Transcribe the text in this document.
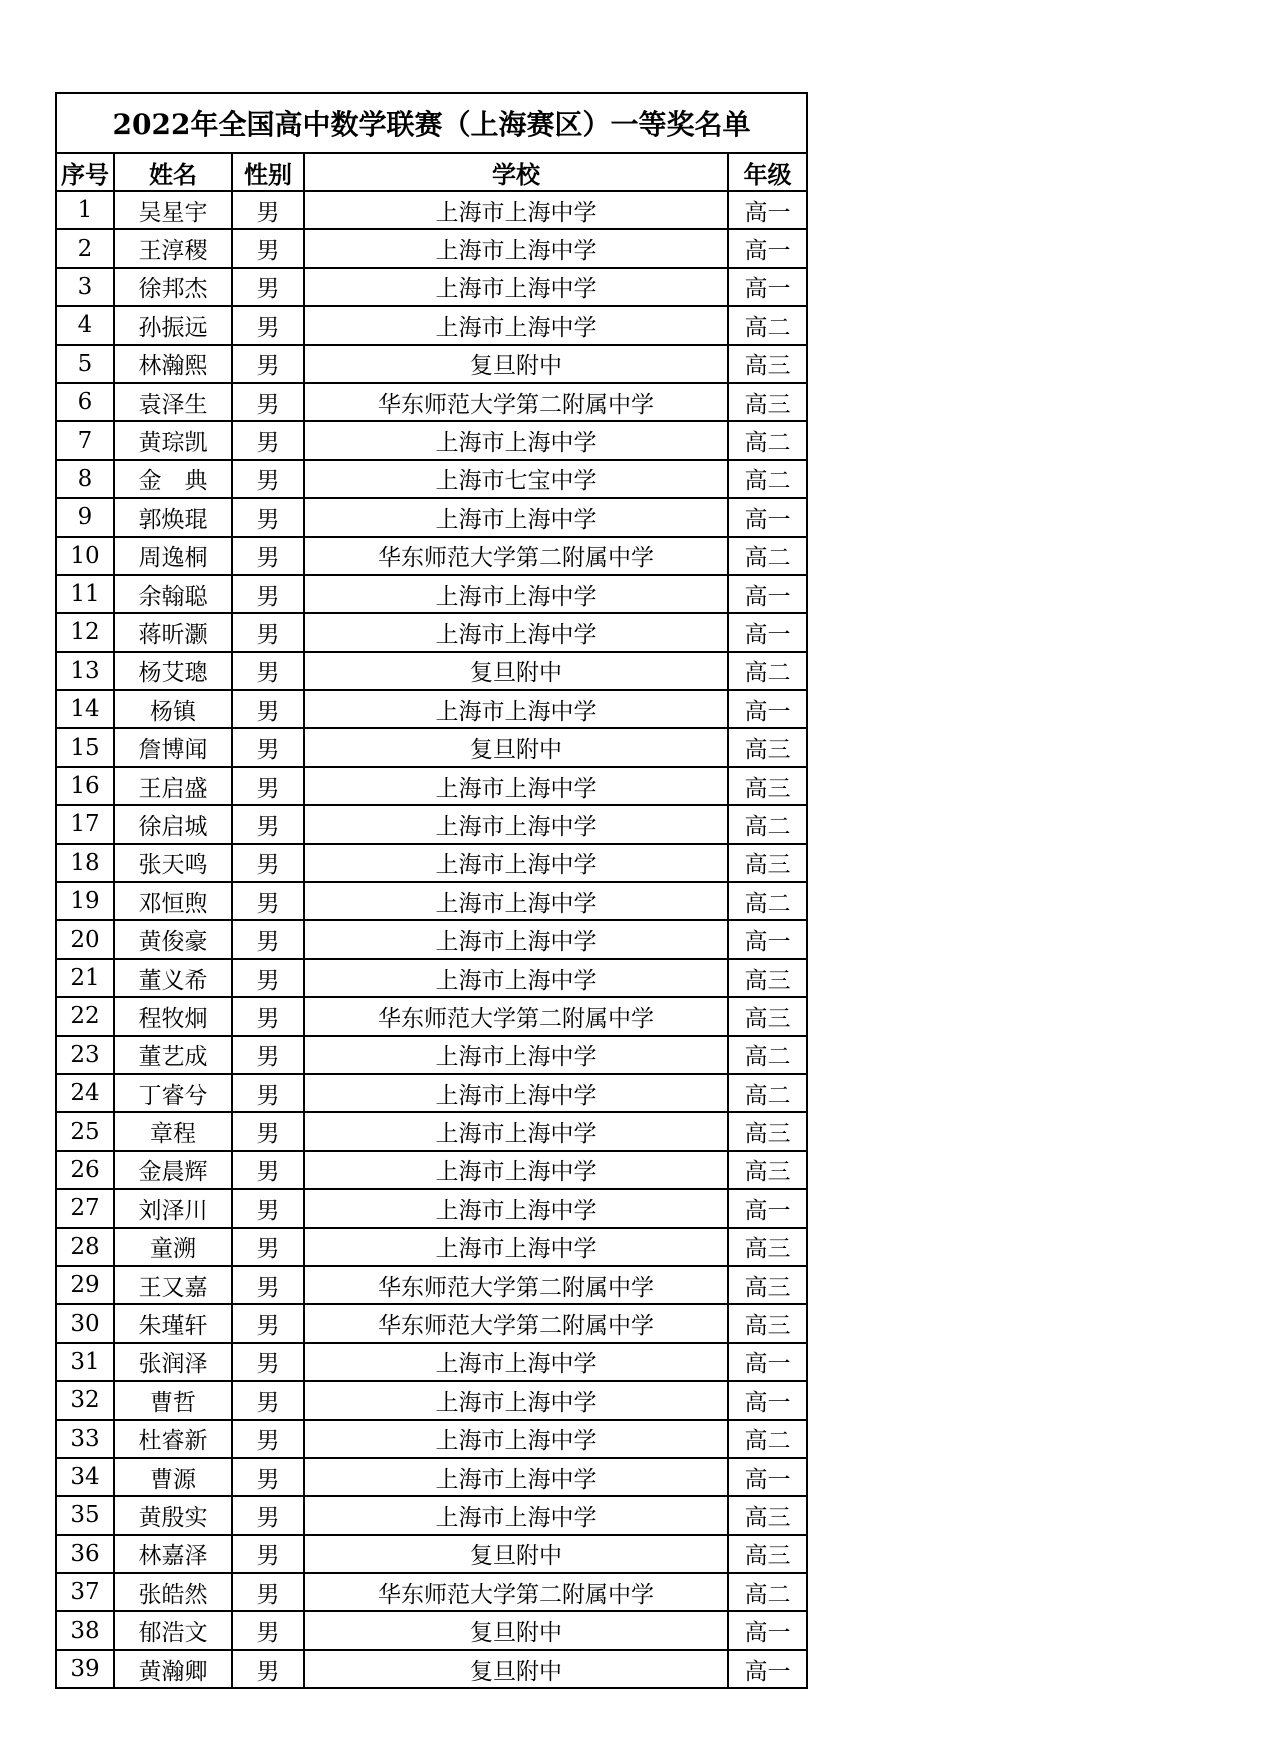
2022年全国高中数学联赛（上海赛区）一等奖名单				
序号	姓名	性别	学校	年级
1	吴星宇	男	上海市上海中学	高一
2	王淳稷	男	上海市上海中学	高一
3	徐邦杰	男	上海市上海中学	高一
4	孙振远	男	上海市上海中学	高二
5	林瀚熙	男	复旦附中	高三
6	袁泽生	男	华东师范大学第二附属中学	高三
7	黄琮凯	男	上海市上海中学	高二
8	金　典	男	上海市七宝中学	高二
9	郭焕琨	男	上海市上海中学	高一
10	周逸桐	男	华东师范大学第二附属中学	高二
11	余翰聪	男	上海市上海中学	高一
12	蒋昕灏	男	上海市上海中学	高一
13	杨艾璁	男	复旦附中	高二
14	杨镇	男	上海市上海中学	高一
15	詹博闻	男	复旦附中	高三
16	王启盛	男	上海市上海中学	高三
17	徐启城	男	上海市上海中学	高二
18	张天鸣	男	上海市上海中学	高三
19	邓恒煦	男	上海市上海中学	高二
20	黄俊豪	男	上海市上海中学	高一
21	董义希	男	上海市上海中学	高三
22	程牧炯	男	华东师范大学第二附属中学	高三
23	董艺成	男	上海市上海中学	高二
24	丁睿兮	男	上海市上海中学	高二
25	章程	男	上海市上海中学	高三
26	金晨辉	男	上海市上海中学	高三
27	刘泽川	男	上海市上海中学	高一
28	童溯	男	上海市上海中学	高三
29	王又嘉	男	华东师范大学第二附属中学	高三
30	朱瑾轩	男	华东师范大学第二附属中学	高三
31	张润泽	男	上海市上海中学	高一
32	曹哲	男	上海市上海中学	高一
33	杜睿新	男	上海市上海中学	高二
34	曹源	男	上海市上海中学	高一
35	黄殷实	男	上海市上海中学	高三
36	林嘉泽	男	复旦附中	高三
37	张皓然	男	华东师范大学第二附属中学	高二
38	郁浩文	男	复旦附中	高一
39	黄瀚卿	男	复旦附中	高一
